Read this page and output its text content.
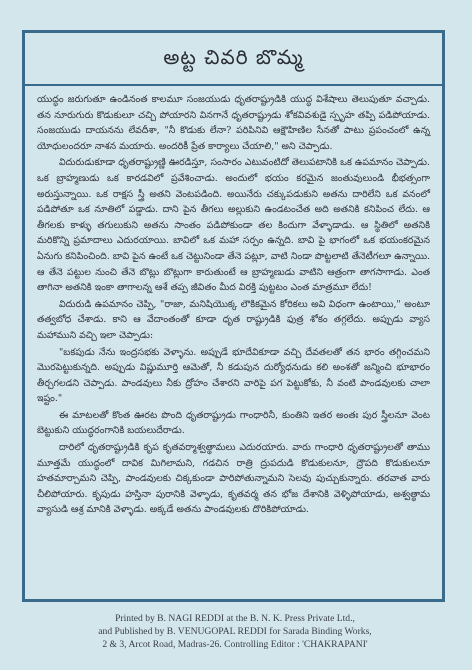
అట్ట చివరి బొమ్మ

యుద్ధం జరుగుతూ ఉండినంత కాలమూ సంజయుడు ధృతరాష్ట్రుడికి యుద్ధ విశేషాలు తెలుపుతూ వచ్చాడు. తన నూరుగురు కొడుకులూ చచ్చి పోయారని వినగానే ధృతరాష్ట్రుడు శోకవివశుడై స్పృహ తప్పి పడిపోయాడు. సంజయుడు దాయనను లేవదీశా, "నీ కొడుకు లేనా? పరిపినివి ఆక్షౌహిణిల సేనతో పాటు ప్రపంచంలో ఉన్న యోధులందరూ నాశన మయారు. అందరికీ ప్రేత కార్యాలు చేయాలి," అని చెప్పాడు.

విదురుడుకూడా ధృతరాష్ట్రుణ్ణి ఊరడిస్తూ, సంసారం ఎటువంటిదో తెలుపటానికి ఒక ఉపమానం చెప్పాడు. ఒక బ్రాహ్మణుడు ఒక కారడవిలో ప్రవేశించాడు. అందులో భయం కరమైన జంతువులుండి భీభత్సంగా అరుస్తున్నాయి. ఒక రాక్షస స్త్రీ అతని వెంటపడింది. అయినేరు చక్కుపడుకుని అతను దారిలేని ఒక వనంలో పడిపోతూ ఒక నూతిలో పడ్డాడు. దాని పైన తీగలు అల్లుకుని ఉండటంచేత అది అతనికి కనిపించ లేదు. ఆ తీగలకు కాళ్ళు తగులుకుని అతను సాంతం పడిపోకుండా తల కిందుగా వేళ్ళాడాడు. ఆ స్థితిలో అతనికి మరికొన్ని ప్రమాదాలు ఎదురయాయి. బావిలో ఒక మహా సర్పం ఉన్నది. బావి పై భాగంలో ఒక భయంకరమైన ఏనుగు కనిపించింది. బావి పైన ఉంటే ఒక చెట్టునిండా తేనె పట్లూ, వాటి నిండా పొట్టలాటి తేనెటీగలూ ఉన్నాయి. ఆ తేనె పట్టుల నుంచి తేనె బొట్లు బొట్లుగా కారుతుంటే ఆ బ్రాహ్మణుడు వాటిని ఆత్రంగా తాగసాగాడు. ఎంత తాగినా అతనికి ఇంకా తాగాలన్న ఆశే తప్ప జీవితం మీద విరక్తి పుట్టటం ఎంత మాత్రమూ లేదు!

విదురుడి ఉపమానం చెప్పి, "రాజా, మనిషియొక్క లౌకికమైన కోరికలు అవి విధంగా ఉంటాయి," అంటూ తత్వబోధ చేశాడు. కాని ఆ వేదాంతంతో కూడా ధృత రాష్ట్రుడికి ఫుత్ర శోకం తగ్గలేదు. అప్పుడు వ్యాస మహాముని వచ్చి ఇలా చెప్పాడు:

"బకపుడు నేను ఇంద్రసభకు వెళ్ళాను. అప్పుడే భూదేవికూడా వచ్చి దేవతలతో తన భారం తగ్గించమని మొరపెట్టుకున్నది. అప్పుడు విష్ణుమూర్తి ఆమెతో, నీ కడుపున దుర్యోధనుడు కలి అంశతో జన్మించి భూభారం తీర్చగలడని చెప్పాడు. పాండవులు నీకు ద్రోహం చేశారని వారిపై పగ పెట్టుకోకు, నీ వంటి పాండవులకు చాలా ఇష్టం."

ఈ మాటలతో కొంత ఊరట పొంది ధృతరాష్ట్రుడు గాంధారినీ, కుంతిని ఇతర అంతః పుర స్త్రీలనూ వెంట బెట్టుకుని యుద్ధరంగానికి బయలుదేరాడు.

దారిలో ధృతరాష్ట్రుడికి కృప కృతవర్మాశ్వత్థామలు ఎదురయారు. వారు గాంధారి ధృతరాష్ట్రులతో తాము మూత్తమే యుద్ధంలో దావిక మిగిలామని, గడచిన రాత్రి ద్రుపదుడి కొడుకులనూ, ద్రౌపది కొడుకులనూ హతమార్చామని చెప్పి, పాండవులకు చిక్కకుండా పారిపోతున్నామని సెలవు పుచ్చుకున్నారు. తరవాత వారు చీలిపోయారు. కృపుడు హస్తినా పురానికి వెళ్ళాడు, కృతవర్మ తన భోజ దేశానికి వెళ్ళిపోయాడు, అశ్వత్థామ వ్యాసుడి ఆశ్ర మానికి వెళ్ళాడు. అక్కడే అతను పాండవులకు దొరికిపోయాడు.

Printed by B. NAGI REDDI at the B. N. K. Press Private Ltd.,
and Published by B. VENUGOPAL REDDI for Sarada Binding Works,
2 & 3, Arcot Road, Madras-26. Controlling Editor : 'CHAKRAPANI'
